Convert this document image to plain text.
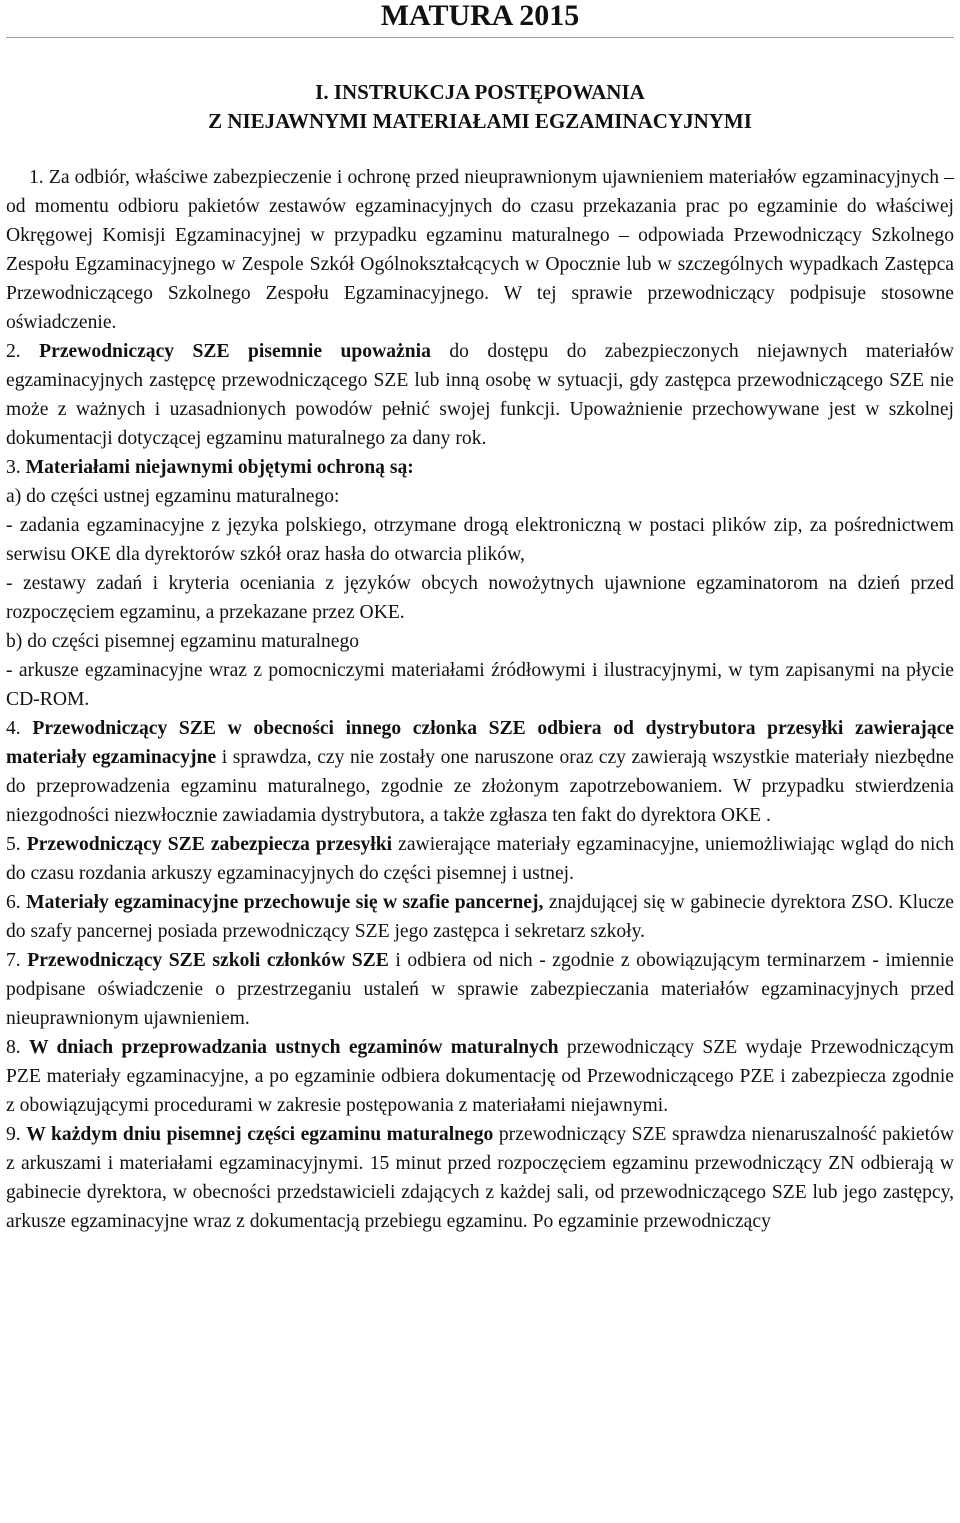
MATURA 2015
I. INSTRUKCJA POSTĘPOWANIA
Z NIEJAWNYMI MATERIAŁAMI EGZAMINACYJNYMI

1. Za odbiór, właściwe zabezpieczenie i ochronę przed nieuprawnionym ujawnieniem materiałów egzaminacyjnych – od momentu odbioru pakietów zestawów egzaminacyjnych do czasu przekazania prac po egzaminie do właściwej Okręgowej Komisji Egzaminacyjnej w przypadku egzaminu maturalnego – odpowiada Przewodniczący Szkolnego Zespołu Egzaminacyjnego w Zespole Szkół Ogólnokształcących w Opocznie lub w szczególnych wypadkach Zastępca Przewodniczącego Szkolnego Zespołu Egzaminacyjnego. W tej sprawie przewodniczący podpisuje stosowne oświadczenie.

2. Przewodniczący SZE pisemnie upoważnia do dostępu do zabezpieczonych niejawnych materiałów egzaminacyjnych zastępcę przewodniczącego SZE lub inną osobę w sytuacji, gdy zastępca przewodniczącego SZE nie może z ważnych i uzasadnionych powodów pełnić swojej funkcji. Upoważnienie przechowywane jest w szkolnej dokumentacji dotyczącej egzaminu maturalnego za dany rok.

3. Materiałami niejawnymi objętymi ochroną są:

a) do części ustnej egzaminu maturalnego:

- zadania egzaminacyjne z języka polskiego, otrzymane drogą elektroniczną w postaci plików zip, za pośrednictwem serwisu OKE dla dyrektorów szkół oraz hasła do otwarcia plików,

- zestawy zadań i kryteria oceniania z języków obcych nowożytnych ujawnione egzaminatorom na dzień przed rozpoczęciem egzaminu, a przekazane przez OKE.

b) do części pisemnej egzaminu maturalnego

- arkusze egzaminacyjne wraz z pomocniczymi materiałami źródłowymi i ilustracyjnymi, w tym zapisanymi na płycie CD-ROM.

4. Przewodniczący SZE w obecności innego członka SZE odbiera od dystrybutora przesyłki zawierające materiały egzaminacyjne i sprawdza, czy nie zostały one naruszone oraz czy zawierają wszystkie materiały niezbędne do przeprowadzenia egzaminu maturalnego, zgodnie ze złożonym zapotrzebowaniem. W przypadku stwierdzenia niezgodności niezwłocznie zawiadamia dystrybutora, a także zgłasza ten fakt do dyrektora OKE .

5. Przewodniczący SZE zabezpiecza przesyłki zawierające materiały egzaminacyjne, uniemożliwiając wgląd do nich do czasu rozdania arkuszy egzaminacyjnych do części pisemnej i ustnej.

6. Materiały egzaminacyjne przechowuje się w szafie pancernej, znajdującej się w gabinecie dyrektora ZSO. Klucze do szafy pancernej posiada przewodniczący SZE jego zastępca i sekretarz szkoły.

7. Przewodniczący SZE szkoli członków SZE i odbiera od nich - zgodnie z obowiązującym terminarzem - imiennie podpisane oświadczenie o przestrzeganiu ustaleń w sprawie zabezpieczania materiałów egzaminacyjnych przed nieuprawnionym ujawnieniem.

8. W dniach przeprowadzania ustnych egzaminów maturalnych przewodniczący SZE wydaje Przewodniczącym PZE materiały egzaminacyjne, a po egzaminie odbiera dokumentację od Przewodniczącego PZE i zabezpiecza zgodnie z obowiązującymi procedurami w zakresie postępowania z materiałami niejawnymi.

9. W każdym dniu pisemnej części egzaminu maturalnego przewodniczący SZE sprawdza nienaruszalność pakietów z arkuszami i materiałami egzaminacyjnymi. 15 minut przed rozpoczęciem egzaminu przewodniczący ZN odbierają w gabinecie dyrektora, w obecności przedstawicieli zdających z każdej sali, od przewodniczącego SZE lub jego zastępcy, arkusze egzaminacyjne wraz z dokumentacją przebiegu egzaminu. Po egzaminie przewodniczący
